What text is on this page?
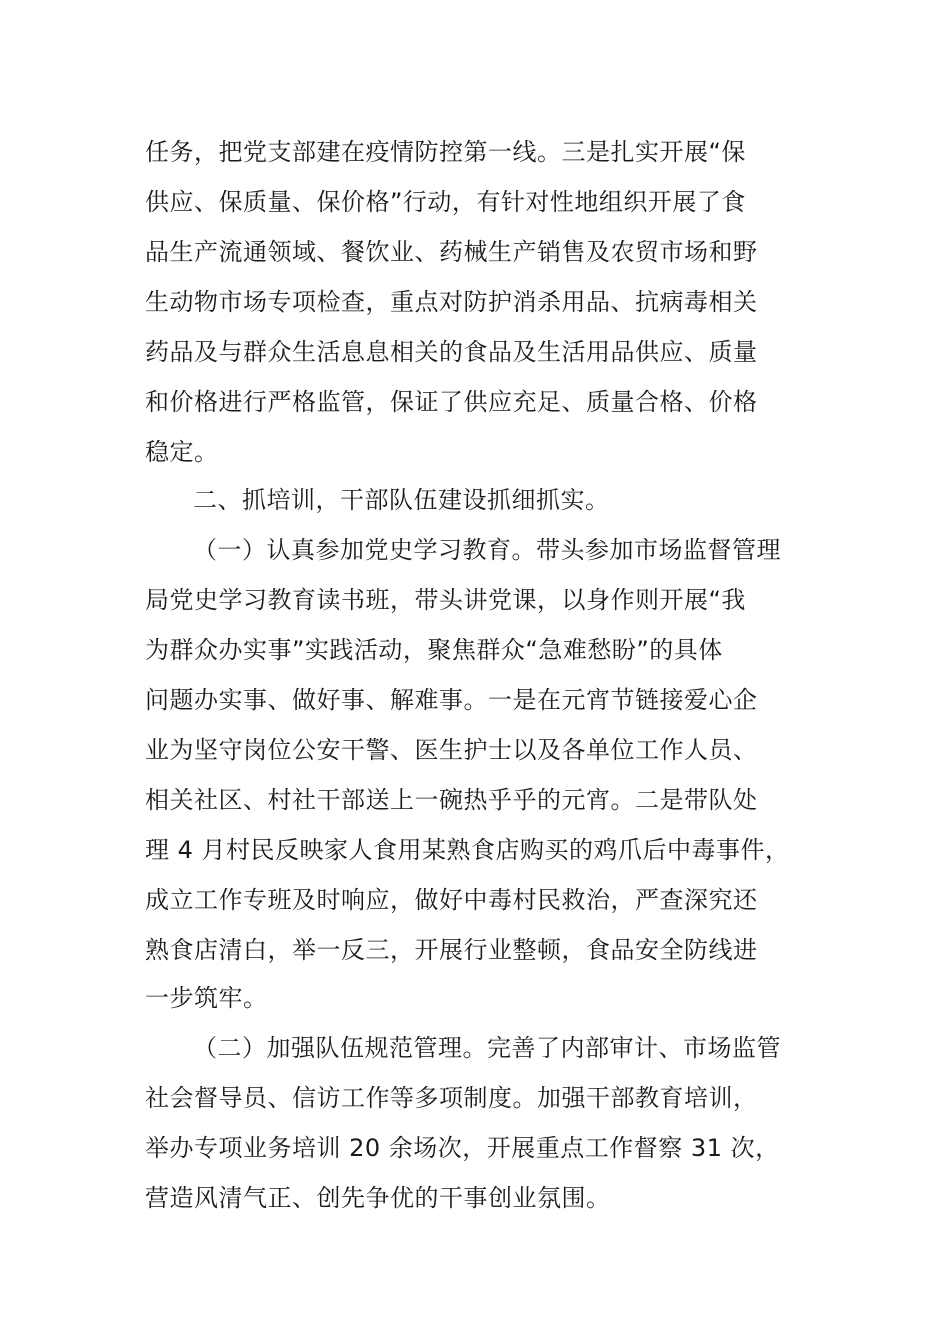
任务，把党支部建在疫情防控第一线。三是扎实开展“保
供应、保质量、保价格”行动，有针对性地组织开展了食
品生产流通领域、餐饮业、药械生产销售及农贸市场和野
生动物市场专项检查，重点对防护消杀用品、抗病毒相关
药品及与群众生活息息相关的食品及生活用品供应、质量
和价格进行严格监管，保证了供应充足、质量合格、价格
稳定。
二、抓培训，干部队伍建设抓细抓实。
（一）认真参加党史学习教育。带头参加市场监督管理
局党史学习教育读书班，带头讲党课，以身作则开展“我
为群众办实事”实践活动，聚焦群众“急难愁盼”的具体
问题办实事、做好事、解难事。一是在元宵节链接爱心企
业为坚守岗位公安干警、医生护士以及各单位工作人员、
相关社区、村社干部送上一碗热乎乎的元宵。二是带队处
理 4 月村民反映家人食用某熟食店购买的鸡爪后中毒事件，
成立工作专班及时响应，做好中毒村民救治，严查深究还
熟食店清白，举一反三，开展行业整顿，食品安全防线进
一步筑牢。
（二）加强队伍规范管理。完善了内部审计、市场监管
社会督导员、信访工作等多项制度。加强干部教育培训，
举办专项业务培训 20 余场次，开展重点工作督察 31 次，
营造风清气正、创先争优的干事创业氛围。
